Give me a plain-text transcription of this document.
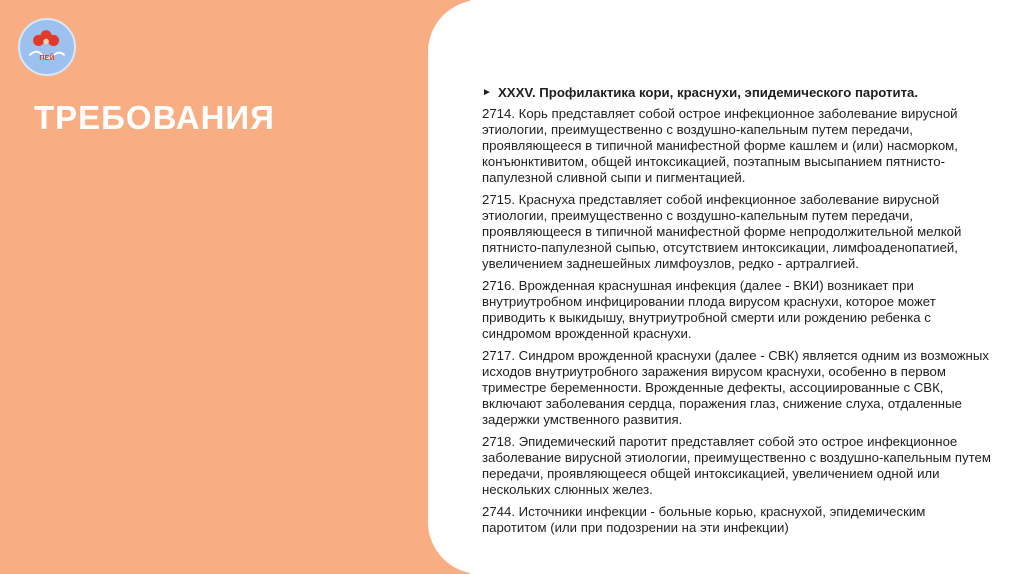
ПЕЙ
ТРЕБОВАНИЯ
► XXXV. Профилактика кори, краснухи, эпидемического паротита.

2714. Корь представляет собой острое инфекционное заболевание вирусной этиологии, преимущественно с воздушно-капельным путем передачи, проявляющееся в типичной манифестной форме кашлем и (или) насморком, конъюнктивитом, общей интоксикацией, поэтапным высыпанием пятнисто-папулезной сливной сыпи и пигментацией.

2715. Краснуха представляет собой инфекционное заболевание вирусной этиологии, преимущественно с воздушно-капельным путем передачи, проявляющееся в типичной манифестной форме непродолжительной мелкой пятнисто-папулезной сыпью, отсутствием интоксикации, лимфоаденопатией, увеличением заднешейных лимфоузлов, редко - артралгией.

2716. Врожденная краснушная инфекция (далее - ВКИ) возникает при внутриутробном инфицировании плода вирусом краснухи, которое может приводить к выкидышу, внутриутробной смерти или рождению ребенка с синдромом врожденной краснухи.

2717. Синдром врожденной краснухи (далее - СВК) является одним из возможных исходов внутриутробного заражения вирусом краснухи, особенно в первом триместре беременности. Врожденные дефекты, ассоциированные с СВК, включают заболевания сердца, поражения глаз, снижение слуха, отдаленные задержки умственного развития.

2718. Эпидемический паротит представляет собой это острое инфекционное заболевание вирусной этиологии, преимущественно с воздушно-капельным путем передачи, проявляющееся общей интоксикацией, увеличением одной или нескольких слюнных желез.

2744. Источники инфекции - больные корью, краснухой, эпидемическим паротитом (или при подозрении на эти инфекции)
